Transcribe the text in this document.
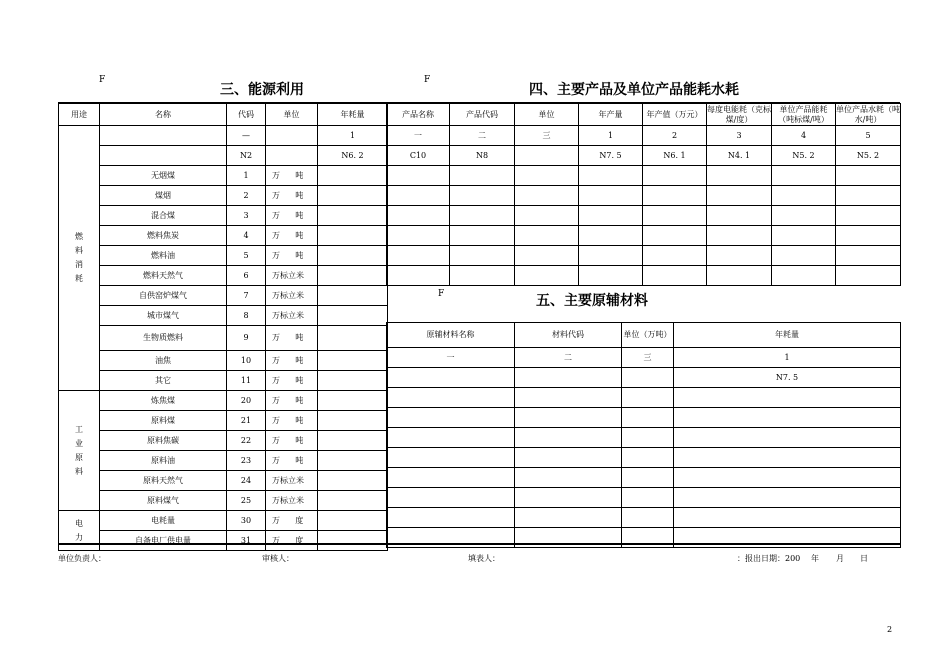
F	F
F
三、能源利用	四、主要产品及单位产品能耗水耗
五、主要原辅材料
用途	名称	代码	单位	年耗量

燃料消耗		—		1
		N2		N6. 2
	无烟煤	1	万 吨	
	煤烟	2	万 吨	
	混合煤	3	万 吨	
	燃料焦炭	4	万 吨	
	燃料油	5	万 吨	
	燃料天然气	6	万标立米	
	自供窑炉煤气	7	万标立米	
	城市煤气	8	万标立米	
	生物质燃料	9	万 吨	
	油焦	10	万 吨	
	其它	11	万 吨	

工业原料	炼焦煤	20	万 吨	
	原料煤	21	万 吨	
	原料焦碳	22	万 吨	
	原料油	23	万 吨	
	原料天然气	24	万标立米	
	原料煤气	25	万标立米	

电力	电耗量	30	万 度	
	自备电厂供电量	31	万 度	
产品名称	产品代码	单位	年产量	年产值（万元）	每度电能耗（克标煤/度）	单位产品能耗（吨标煤/吨）	单位产品水耗（吨水/吨）
一	二	三	1	2	3	4	5
C10	N8		N7. 5	N6. 1	N4. 1	N5. 2	N5. 2

原辅材料名称	材料代码	单位（万吨）	年耗量
一	二	三	1
			N7. 5

单位负责人：	审核人：	填表人：	：报出日期：200 年 月 日
2
